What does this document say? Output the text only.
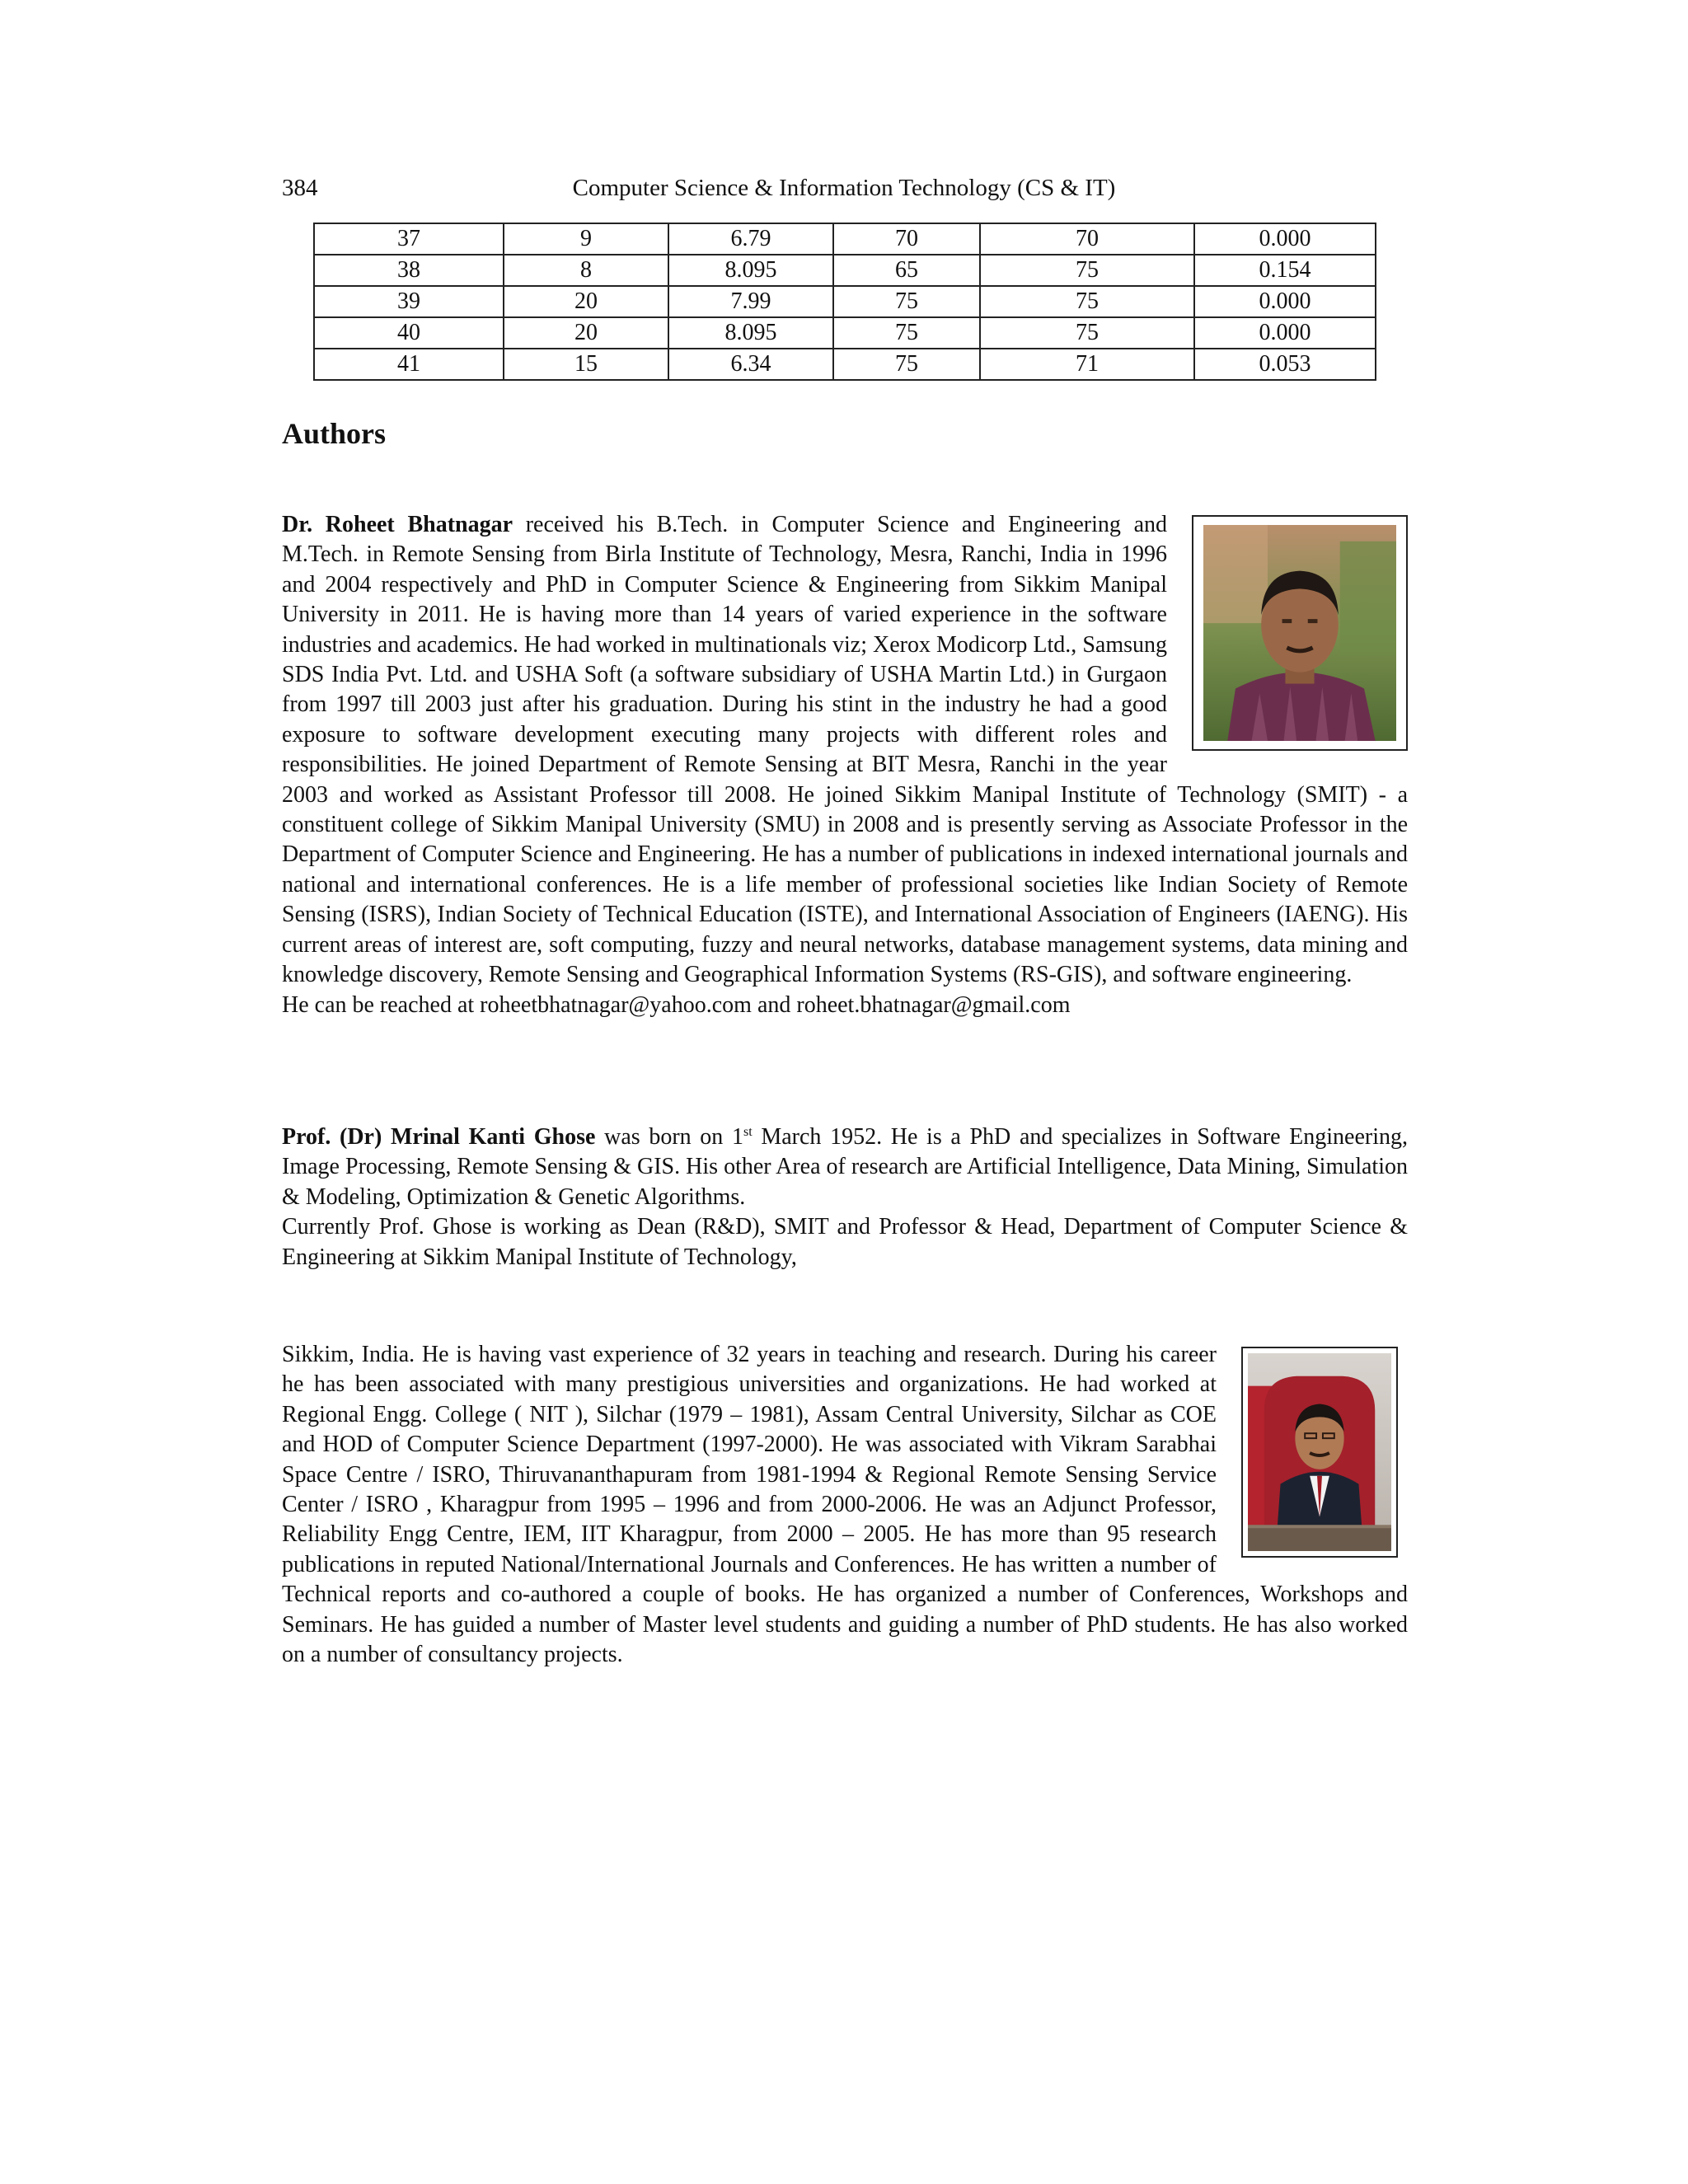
384	Computer Science & Information Technology (CS & IT)
37	9	6.79	70	70	0.000
38	8	8.095	65	75	0.154
39	20	7.99	75	75	0.000
40	20	8.095	75	75	0.000
41	15	6.34	75	71	0.053
Authors

Dr. Roheet Bhatnagar received his B.Tech. in Computer Science and Engineering and M.Tech. in Remote Sensing from Birla Institute of Technology, Mesra, Ranchi, India in 1996 and 2004 respectively and PhD in Computer Science & Engineering from Sikkim Manipal University in 2011. He is having more than 14 years of varied experience in the software industries and academics. He had worked in multinationals viz; Xerox Modicorp Ltd., Samsung SDS India Pvt. Ltd. and USHA Soft (a software subsidiary of USHA Martin Ltd.) in Gurgaon from 1997 till 2003 just after his graduation. During his stint in the industry he had a good exposure to software development executing many projects with different roles and responsibilities. He joined Department of Remote Sensing at BIT Mesra, Ranchi in the year 2003 and worked as Assistant Professor till 2008. He joined Sikkim Manipal Institute of Technology (SMIT) - a constituent college of Sikkim Manipal University (SMU) in 2008 and is presently serving as Associate Professor in the Department of Computer Science and Engineering. He has a number of publications in indexed international journals and national and international conferences. He is a life member of professional societies like Indian Society of Remote Sensing (ISRS), Indian Society of Technical Education (ISTE), and International Association of Engineers (IAENG). His current areas of interest are, soft computing, fuzzy and neural networks, database management systems, data mining and knowledge discovery, Remote Sensing and Geographical Information Systems (RS-GIS), and software engineering.

He can be reached at roheetbhatnagar@yahoo.com and roheet.bhatnagar@gmail.com

Prof. (Dr) Mrinal Kanti Ghose was born on 1st March 1952. He is a PhD and specializes in Software Engineering, Image Processing, Remote Sensing & GIS. His other Area of research are Artificial Intelligence, Data Mining, Simulation & Modeling, Optimization & Genetic Algorithms.

Currently Prof. Ghose is working as Dean (R&D), SMIT and Professor & Head, Department of Computer Science & Engineering at Sikkim Manipal Institute of Technology,

Sikkim, India. He is having vast experience of 32 years in teaching and research. During his career he has been associated with many prestigious universities and organizations. He had worked at Regional Engg. College ( NIT ), Silchar (1979 – 1981), Assam Central University, Silchar as COE and HOD of Computer Science Department (1997-2000). He was associated with Vikram Sarabhai Space Centre / ISRO, Thiruvananthapuram from 1981-1994 & Regional Remote Sensing Service Center / ISRO , Kharagpur from 1995 – 1996 and from 2000-2006. He was an Adjunct Professor, Reliability Engg Centre, IEM, IIT Kharagpur, from 2000 – 2005. He has more than 95 research publications in reputed National/International Journals and Conferences. He has written a number of Technical reports and co-authored a couple of books. He has organized a number of Conferences, Workshops and Seminars. He has guided a number of Master level students and guiding a number of PhD students. He has also worked on a number of consultancy projects.
